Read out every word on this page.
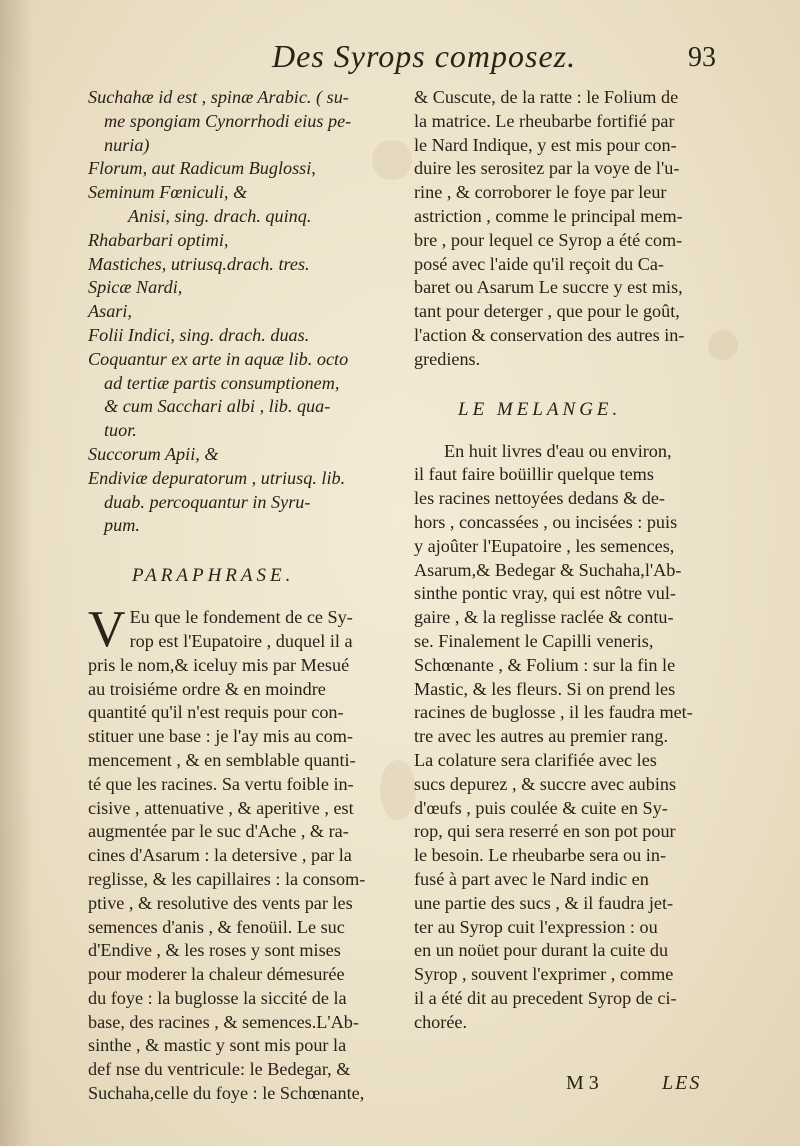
Des Syrops composez.	93
Suchahæ id est , spinæ Arabic. ( su-
me spongiam Cynorrhodi eius pe-
nuria)
Florum, aut Radicum Buglossi,
Seminum Fœniculi, &
Anisi, sing. drach. quinq.
Rhabarbari optimi,
Mastiches, utriusq.drach. tres.
Spicæ Nardi,
Asari,
Folii Indici, sing. drach. duas.
Coquantur ex arte in aquæ lib. octo
ad tertiæ partis consumptionem,
& cum Sacchari albi , lib. qua-
tuor.
Succorum Apii, &
Endiviæ depuratorum , utriusq. lib.
duab. percoquantur in Syru-
pum.
PARAPHRASE.
V Eu que le fondement de ce Sy-
rop est l'Eupatoire , duquel il a
pris le nom,& iceluy mis par Mesué
au troisiéme ordre & en moindre
quantité qu'il n'est requis pour con-
stituer une base : je l'ay mis au com-
mencement , & en semblable quanti-
té que les racines. Sa vertu foible in-
cisive , attenuative , & aperitive , est
augmentée par le suc d'Ache , & ra-
cines d'Asarum : la detersive , par la
reglisse, & les capillaires : la consom-
ptive , & resolutive des vents par les
semences d'anis , & fenoüil. Le suc
d'Endive , & les roses y sont mises
pour moderer la chaleur démesurée
du foye : la buglosse la siccité de la
base, des racines , & semences.L'Ab-
sinthe , & mastic y sont mis pour la
def nse du ventricule: le Bedegar, &
Suchaha,celle du foye : le Schœnante,
& Cuscute, de la ratte : le Folium de
la matrice. Le rheubarbe fortifié par
le Nard Indique, y est mis pour con-
duire les serositez par la voye de l'u-
rine , & corroborer le foye par leur
astriction , comme le principal mem-
bre , pour lequel ce Syrop a été com-
posé avec l'aide qu'il reçoit du Ca-
baret ou Asarum Le succre y est mis,
tant pour deterger , que pour le goût,
l'action & conservation des autres in-
grediens.
LE MELANGE.
En huit livres d'eau ou environ,
il faut faire boüillir quelque tems
les racines nettoyées dedans & de-
hors , concassées , ou incisées : puis
y ajoûter l'Eupatoire , les semences,
Asarum,& Bedegar & Suchaha,l'Ab-
sinthe pontic vray, qui est nôtre vul-
gaire , & la reglisse raclée & contu-
se. Finalement le Capilli veneris,
Schœnante , & Folium : sur la fin le
Mastic, & les fleurs. Si on prend les
racines de buglosse , il les faudra met-
tre avec les autres au premier rang.
La colature sera clarifiée avec les
sucs depurez , & succre avec aubins
d'œufs , puis coulée & cuite en Sy-
rop, qui sera reserré en son pot pour
le besoin. Le rheubarbe sera ou in-
fusé à part avec le Nard indic en
une partie des sucs , & il faudra jet-
ter au Syrop cuit l'expression : ou
en un noüet pour durant la cuite du
Syrop , souvent l'exprimer , comme
il a été dit au precedent Syrop de ci-
chorée.
M 3	LES
